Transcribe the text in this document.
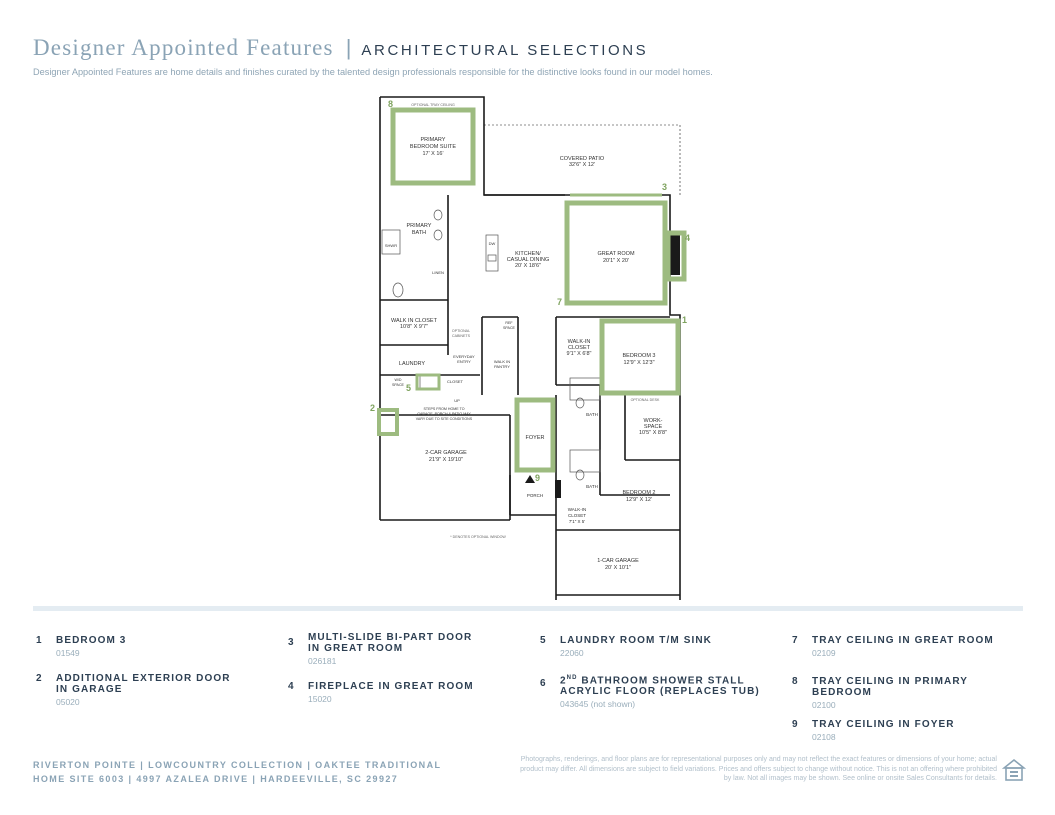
Designer Appointed Features | ARCHITECTURAL SELECTIONS
Designer Appointed Features are home details and finishes curated by the talented design professionals responsible for the distinctive looks found in our model homes.
8
3
4
7
1
5
2
9
OPTIONAL TRAY CEILING
PRIMARY
BEDROOM SUITE
17' X 16'
COVERED PATIO
32'6" X 12'
PRIMARY
BATH
SHWR
LINEN
DW
KITCHEN/
CASUAL DINING
20' X 18'6"
GREAT ROOM
20'1" X 20'
WALK IN CLOSET
10'8" X 9'7"
OPTIONAL
CABINETS
REF
SPACE
WALK-IN
CLOSET
9'1" X 6'8"	BEDROOM 3
12'9" X 12'3"
LAUNDRY
EVERYDAY
ENTRY	WALK IN
PANTRY
W/D
SPACE
CLOSET
UP
STEPS FROM HOME TO
GARAGE, PORCH & PATIO MAY
VARY DUE TO SITE CONDITIONS
BATH
OPTIONAL DESK
WORK-
SPACE
10'5" X 8'8"
FOYER
2-CAR GARAGE
21'9" X 19'10"
BATH
BEDROOM 2
12'9" X 12'
PORCH
WALK-IN
CLOSET
7'1" X 5'
* DENOTES OPTIONAL WINDOW
1-CAR GARAGE
20' X 10'1"
1	BEDROOM 3
01549
2	ADDITIONAL EXTERIOR DOOR IN GARAGE
05020
3	MULTI-SLIDE BI-PART DOOR IN GREAT ROOM
026181
4	FIREPLACE IN GREAT ROOM
15020
5	LAUNDRY ROOM T/M SINK
22060
6	2ND BATHROOM SHOWER STALL ACRYLIC FLOOR (REPLACES TUB)
043645 (not shown)
7	TRAY CEILING IN GREAT ROOM
02109
8	TRAY CEILING IN PRIMARY BEDROOM
02100
9	TRAY CEILING IN FOYER
02108
RIVERTON POINTE | LOWCOUNTRY COLLECTION | OAKTEE TRADITIONAL
HOME SITE 6003 | 4997 AZALEA DRIVE | HARDEEVILLE, SC 29927
Photographs, renderings, and floor plans are for representational purposes only and may not reflect the exact features or dimensions of your home; actual product may differ. All dimensions are subject to field variations. Prices and offers subject to change without notice. This is not an offering where prohibited by law. Not all images may be shown. See online or onsite Sales Consultants for details.
